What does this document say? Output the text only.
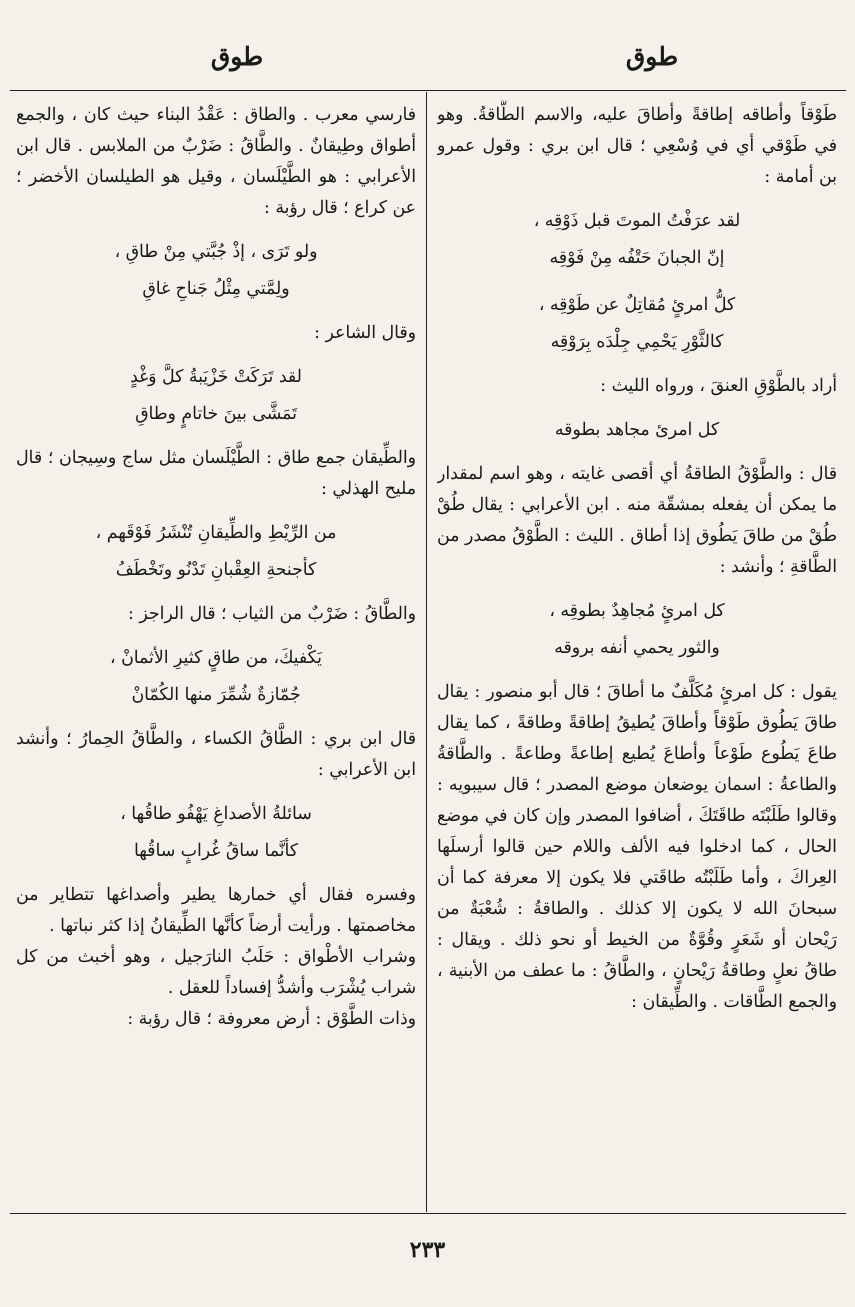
طوق
طوق

طَوْقاً وأطاقه إطاقةً وأطاقَ عليه، والاسم الطَّاقةُ. وهو في طَوْقي أي في وُسْعِي ؛ قال ابن بري : وقول عمرو بن أمامة :

لقد عرَفْتُ الموتَ قبل ذَوْقِه ،
إنّ الجبانَ حَتْفُه مِنْ فَوْقِه
كلُّ امرئٍ مُقاتِلٌ عن طَوْقِه ،
كالثَّوْرِ يَحْمِي جِلْدَه بِرَوْقِه

أراد بالطَّوْقِ العنقَ ، ورواه الليث :

كل امرئ مجاهد بطوقه

قال : والطَّوْقُ الطاقةُ أي أقصى غايته ، وهو اسم لمقدار ما يمكن أن يفعله بمشقّة منه . ابن الأعرابي : يقال طُقْ طُقْ من طاقَ يَطُوق إذا أطاق . الليث : الطَّوْقُ مصدر من الطَّاقةِ ؛ وأنشد :

كل امرئٍ مُجاهِدٌ بطوقِه ،
والثور يحمي أنفه بروقه

يقول : كل امرئٍ مُكَلَّفٌ ما أطاقَ ؛ قال أبو منصور : يقال طاقَ يَطُوق طَوْقاً وأطاقَ يُطيقُ إطاقةً وطاقةً ، كما يقال طاعَ يَطُوع طَوْعاً وأطاعَ يُطيع إطاعةً وطاعةً . والطَّاقةُ والطاعةُ : اسمان يوضعان موضع المصدر ؛ قال سيبويه : وقالوا طَلَبْتَه طاقَتَكَ ، أضافوا المصدر وإن كان في موضع الحال ، كما ادخلوا فيه الألف واللام حين قالوا أرسلَها العِراكَ ، وأما طَلَبْتُه طاقَتي فلا يكون إلا معرفة كما أن سبحانَ الله لا يكون إلا كذلك . والطاقةُ : شُعْبَةٌ من رَيْحان أو شَعَرٍ وقُوَّةٌ من الخيط أو نحو ذلك . ويقال : طاقُ نعلٍ وطاقةُ رَيْحانٍ ، والطَّاقُ : ما عطف من الأبنية ، والجمع الطَّاقات . والطِّيقان :

فارسي معرب . والطاق : عَقْدُ البناء حيث كان ، والجمع أطواق وطِيقانٌ . والطَّاقُ : ضَرْبٌ من الملابس . قال ابن الأعرابي : هو الطَّيْلَسان ، وقيل هو الطيلسان الأخضر ؛ عن كراع ؛ قال رؤبة :

ولو تَرَى ، إذْ جُبَّتي مِنْ طاقِ ،
ولِمَّتي مِثْلُ جَناحِ غاقِ

وقال الشاعر :

لقد تَرَكَتْ خَزْيَبةُ كلَّ وَغْدٍ
تَمَشَّى بينَ خاتامٍ وطاقِ

والطِّيقان جمع طاق : الطَّيْلَسان مثل ساج وسِيجان ؛ قال مليح الهذلي :

من الرِّيْطِ والطِّيقانِ تُنْشَرُ فَوْقَهم ،
كأجنحةِ العِقْبانِ تَدْنُو وتَخْطَفُ

والطَّاقُ : ضَرْبٌ من الثياب ؛ قال الراجز :

يَكْفيكَ، من طاقٍ كثيرِ الأثمانْ ،
جُمّازةٌ شُمِّرَ منها الكُمّانْ

قال ابن بري : الطَّاقُ الكساء ، والطَّاقُ الحِمارُ ؛ وأنشد ابن الأعرابي :

سائلةُ الأصداغِ يَهْفُو طاقُها ،
كأنَّما ساقُ غُرابٍ ساقُها

وفسره فقال أي خمارها يطير وأصداغها تتطاير من مخاصمتها . ورأيت أرضاً كأنَّها الطِّيقانُ إذا كثر نباتها .

وشراب الأطْواق : حَلَبُ النارَجيل ، وهو أخبث من كل شراب يُشْرَب وأشدُّ إفساداً للعقل .

وذات الطَّوْق : أرض معروفة ؛ قال رؤبة :

٢٣٣
